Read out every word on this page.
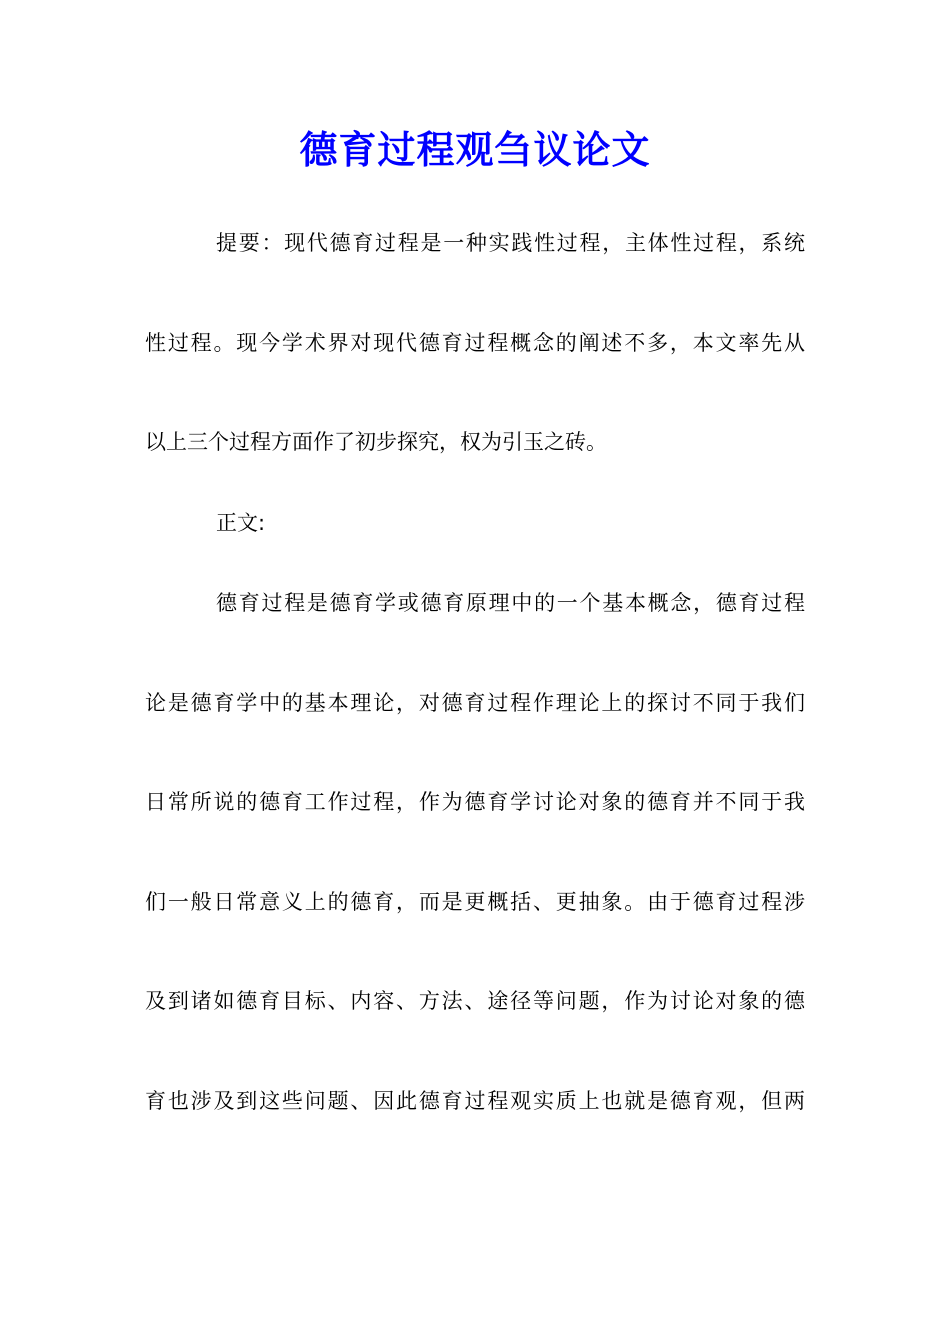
德育过程观刍议论文
提要：现代德育过程是一种实践性过程，主体性过程，系统
性过程。现今学术界对现代德育过程概念的阐述不多，本文率先从
以上三个过程方面作了初步探究，权为引玉之砖。
正文:
德育过程是德育学或德育原理中的一个基本概念，德育过程
论是德育学中的基本理论，对德育过程作理论上的探讨不同于我们
日常所说的德育工作过程，作为德育学讨论对象的德育并不同于我
们一般日常意义上的德育，而是更概括、更抽象。由于德育过程涉
及到诸如德育目标、内容、方法、途径等问题，作为讨论对象的德
育也涉及到这些问题、因此德育过程观实质上也就是德育观，但两
